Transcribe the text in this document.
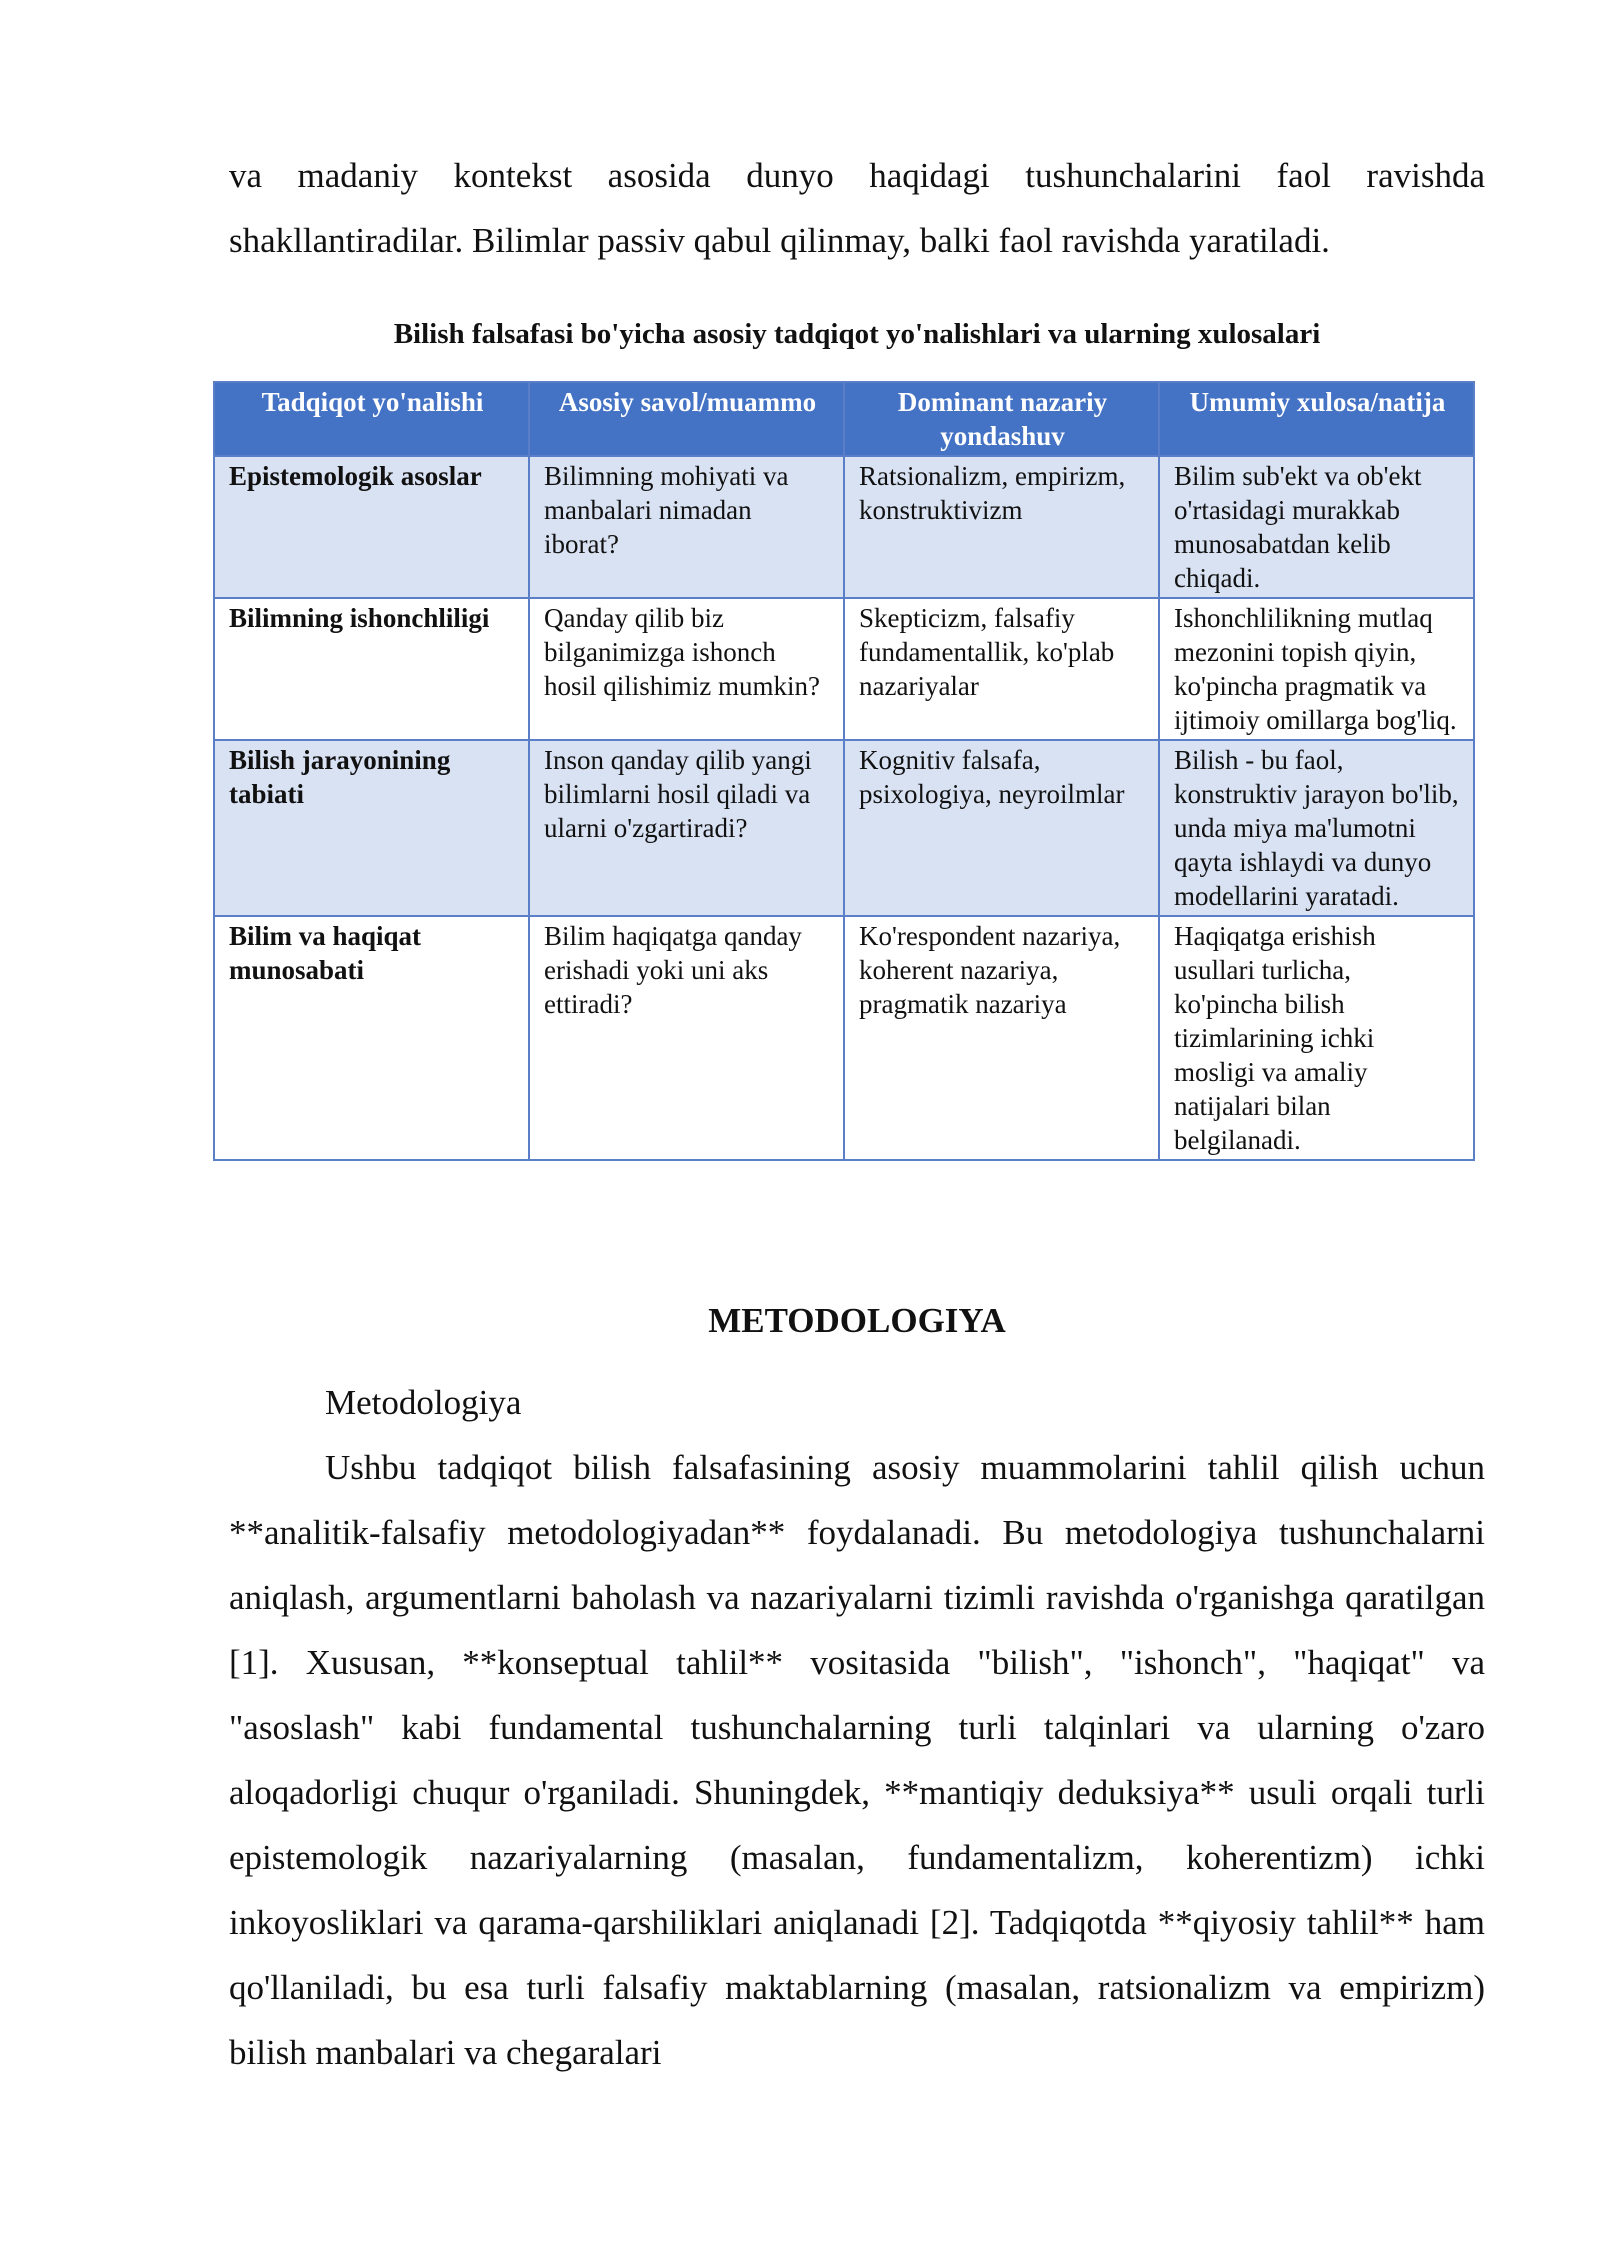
va madaniy kontekst asosida dunyo haqidagi tushunchalarini faol ravishda shakllantiradilar. Bilimlar passiv qabul qilinmay, balki faol ravishda yaratiladi.

Bilish falsafasi bo'yicha asosiy tadqiqot yo'nalishlari va ularning xulosalari
Tadqiqot yo'nalishi	Asosiy savol/muammo	Dominant nazariy yondashuv	Umumiy xulosa/natija
Epistemologik asoslar	Bilimning mohiyati va manbalari nimadan iborat?	Ratsionalizm, empirizm, konstruktivizm	Bilim sub'ekt va ob'ekt o'rtasidagi murakkab munosabatdan kelib chiqadi.
Bilimning ishonchliligi	Qanday qilib biz bilganimizga ishonch hosil qilishimiz mumkin?	Skepticizm, falsafiy fundamentallik, ko'plab nazariyalar	Ishonchlilikning mutlaq mezonini topish qiyin, ko'pincha pragmatik va ijtimoiy omillarga bog'liq.
Bilish jarayonining tabiati	Inson qanday qilib yangi bilimlarni hosil qiladi va ularni o'zgartiradi?	Kognitiv falsafa, psixologiya, neyroilmlar	Bilish - bu faol, konstruktiv jarayon bo'lib, unda miya ma'lumotni qayta ishlaydi va dunyo modellarini yaratadi.
Bilim va haqiqat munosabati	Bilim haqiqatga qanday erishadi yoki uni aks ettiradi?	Ko'respondent nazariya, koherent nazariya, pragmatik nazariya	Haqiqatga erishish usullari turlicha, ko'pincha bilish tizimlarining ichki mosligi va amaliy natijalari bilan belgilanadi.
METODOLOGIYA
Metodologiya

Ushbu tadqiqot bilish falsafasining asosiy muammolarini tahlil qilish uchun **analitik-falsafiy metodologiyadan** foydalanadi. Bu metodologiya tushunchalarni aniqlash, argumentlarni baholash va nazariyalarni tizimli ravishda o'rganishga qaratilgan [1]. Xususan, **konseptual tahlil** vositasida "bilish", "ishonch", "haqiqat" va "asoslash" kabi fundamental tushunchalarning turli talqinlari va ularning o'zaro aloqadorligi chuqur o'rganiladi. Shuningdek, **mantiqiy deduksiya** usuli orqali turli epistemologik nazariyalarning (masalan, fundamentalizm, koherentizm) ichki inkoyosliklari va qarama-qarshiliklari aniqlanadi [2]. Tadqiqotda **qiyosiy tahlil** ham qo'llaniladi, bu esa turli falsafiy maktablarning (masalan, ratsionalizm va empirizm) bilish manbalari va chegaralari
